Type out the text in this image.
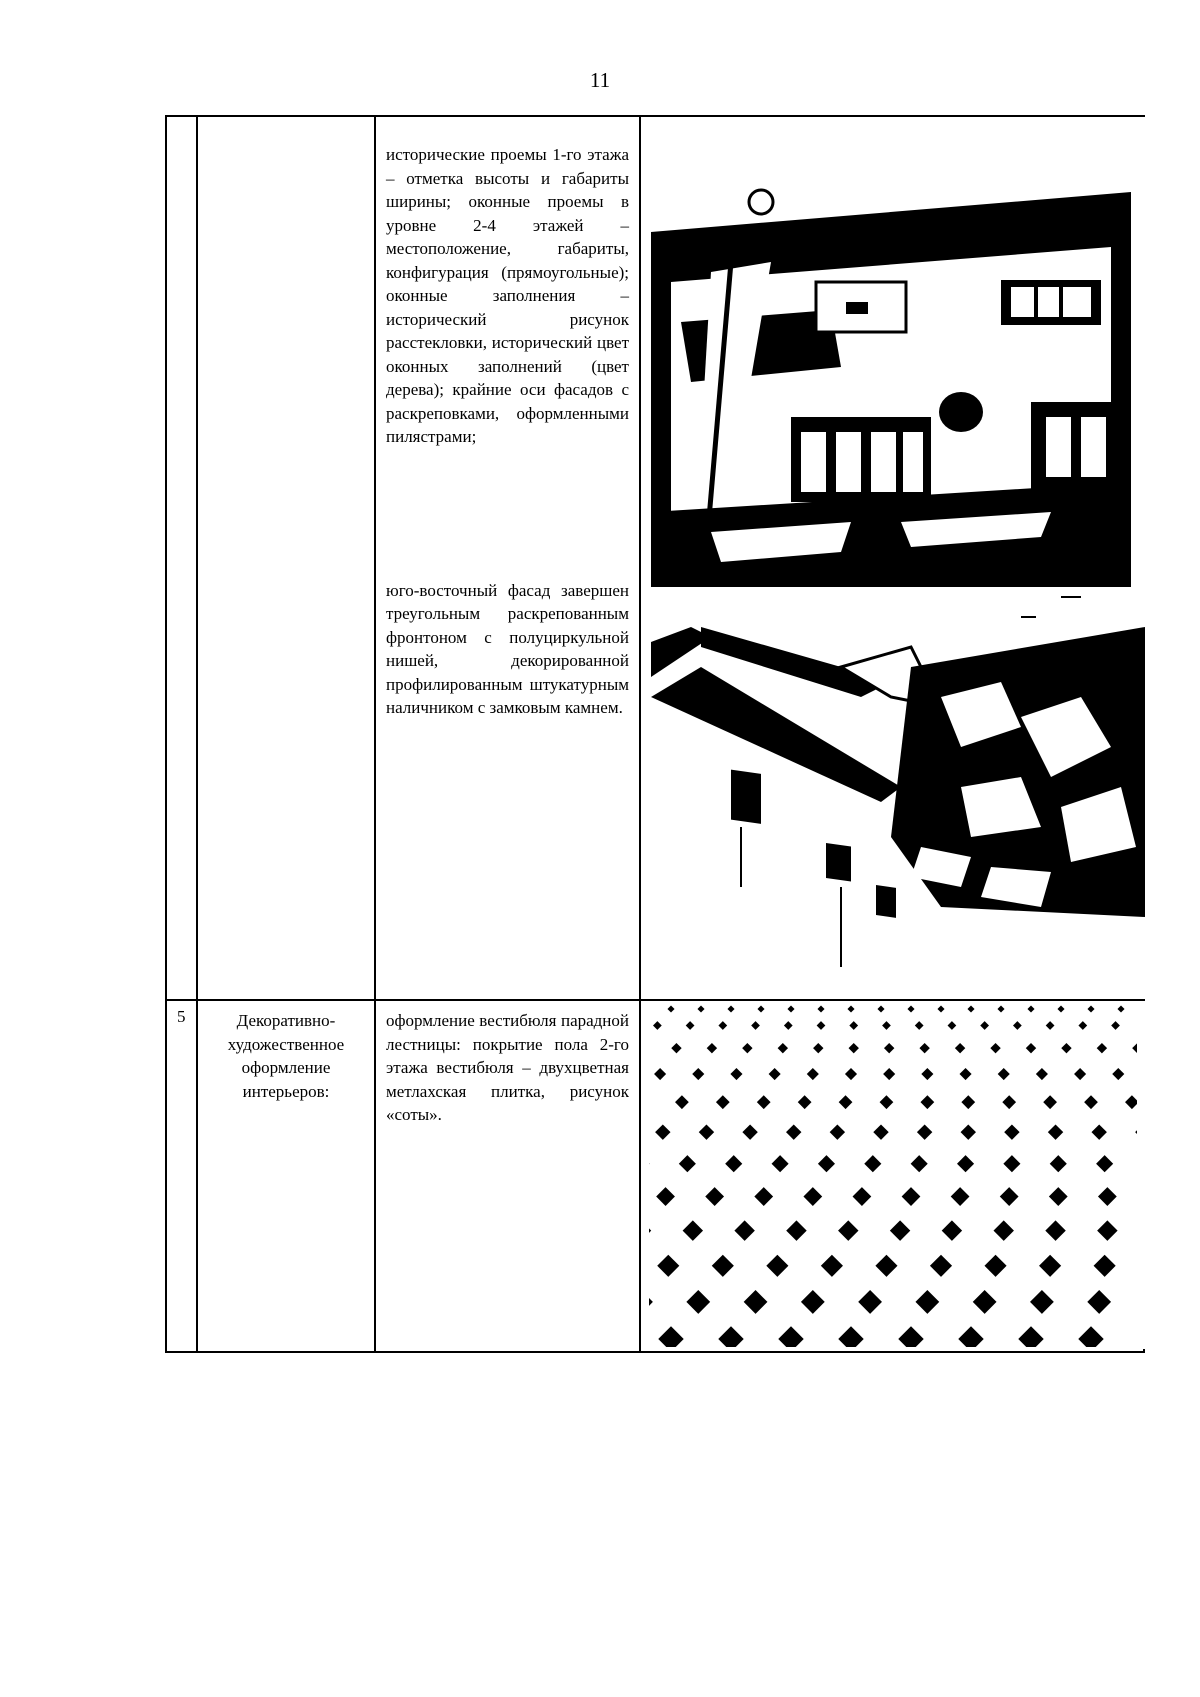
11

		исторические проемы 1-го этажа – отметка высоты и габариты ширины; оконные проемы в уровне 2-4 этажей – местоположение, габариты, конфигурация (прямоугольные); оконные заполнения – исторический рисунок расстекловки, исторический цвет оконных заполнений (цвет дерева); крайние оси фасадов с раскреповками, оформленными пилястрами;
юго-восточный фасад завершен треугольным раскрепованным фронтоном с полуциркульной нишей, декорированной профилированным штукатурным наличником с замковым камнем.

5	Декоративно-художественное оформление интерьеров:	оформление вестибюля парадной лестницы: покрытие пола 2-го этажа вестибюля – двухцветная метлахская плитка, рисунок «соты».
